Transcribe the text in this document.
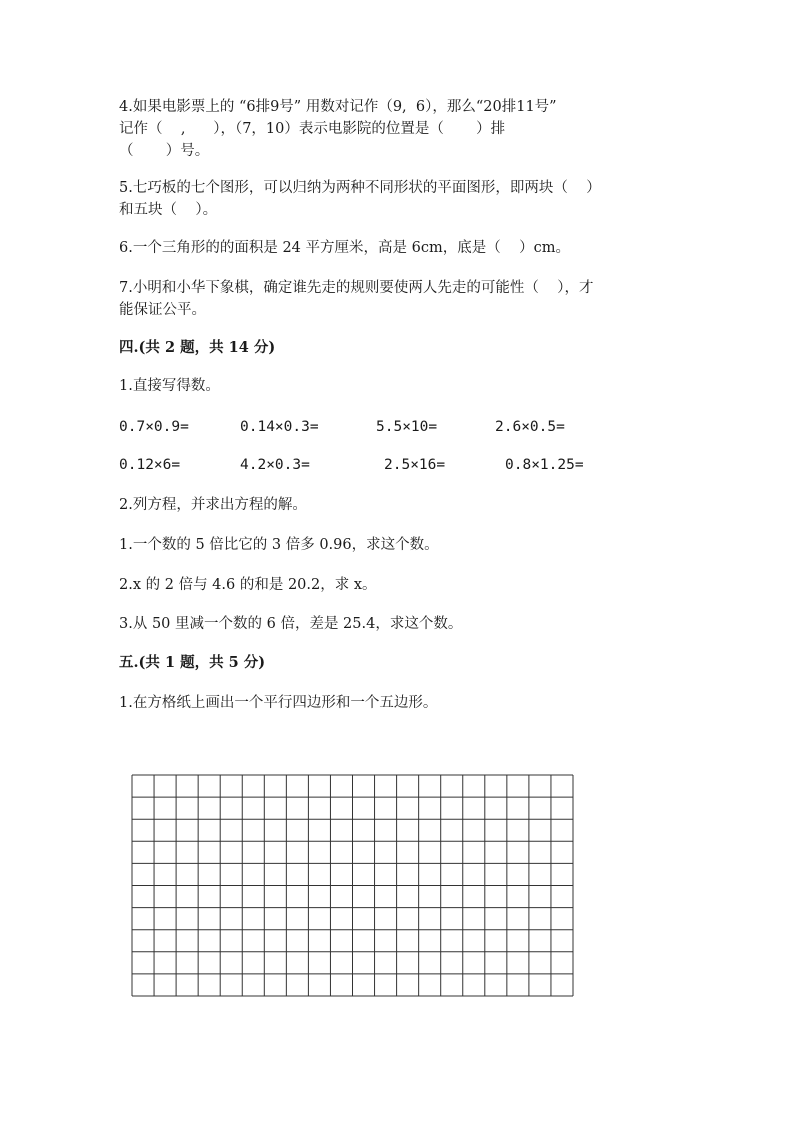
4.如果电影票上的 “6排9号” 用数对记作（9,  6），那么“20排11号”

记作（    ,      ），（7，10）表示电影院的位置是（       ）排

（       ）号。

5.七巧板的七个图形，可以归纳为两种不同形状的平面图形，即两块（    ）

和五块（    ）。

6.一个三角形的的面积是 24 平方厘米，高是 6cm，底是（    ）cm。

7.小明和小华下象棋，确定谁先走的规则要使两人先走的可能性（    ），才

能保证公平。

四.(共 2 题，共 14 分)

1.直接写得数。

0.7×0.9=	0.14×0.3=	5.5×10=	2.6×0.5=
0.12×6=	4.2×0.3=	2.5×16=	0.8×1.25=

2.列方程，并求出方程的解。

1.一个数的 5 倍比它的 3 倍多 0.96，求这个数。

2.x 的 2 倍与 4.6 的和是 20.2，求 x。

3.从 50 里减一个数的 6 倍，差是 25.4，求这个数。

五.(共 1 题，共 5 分)

1.在方格纸上画出一个平行四边形和一个五边形。
